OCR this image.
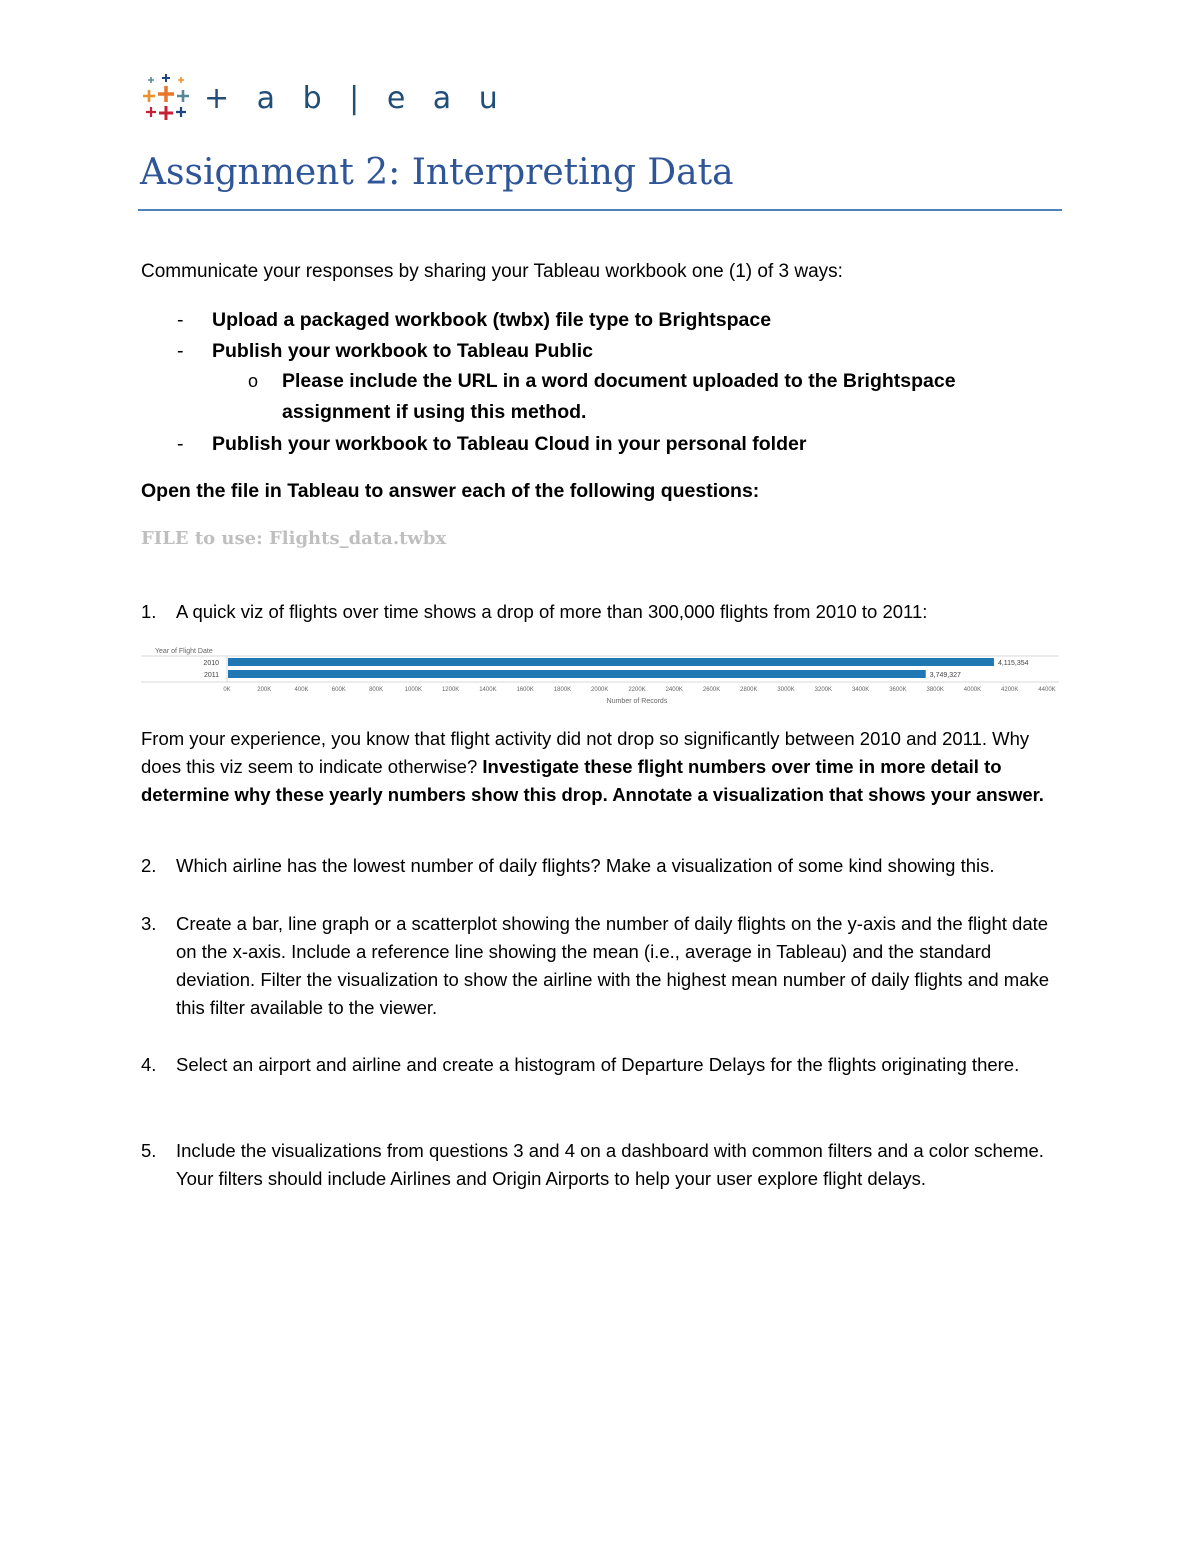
+ a b | e a u
Assignment 2: Interpreting Data
Communicate your responses by sharing your Tableau workbook one (1) of 3 ways:
- Upload a packaged workbook (twbx) file type to Brightspace
- Publish your workbook to Tableau Public
o Please include the URL in a word document uploaded to the Brightspace
assignment if using this method.
- Publish your workbook to Tableau Cloud in your personal folder
Open the file in Tableau to answer each of the following questions:
FILE to use: Flights_data.twbx
1.	A quick viz of flights over time shows a drop of more than 300,000 flights from 2010 to 2011:
Year of Flight Date
2010	4,115,354
2011	3,749,327
0K	200K	400K	600K	800K	1000K	1200K	1400K	1600K	1800K	2000K	2200K	2400K	2600K	2800K	3000K	3200K	3400K	3600K	3800K	4000K	4200K	4400K
Number of Records
From your experience, you know that flight activity did not drop so significantly between 2010 and 2011. Why does this viz seem to indicate otherwise? Investigate these flight numbers over time in more detail to determine why these yearly numbers show this drop. Annotate a visualization that shows your answer.
2.	Which airline has the lowest number of daily flights? Make a visualization of some kind showing this.
3.	Create a bar, line graph or a scatterplot showing the number of daily flights on the y-axis and the flight date on the x-axis. Include a reference line showing the mean (i.e., average in Tableau) and the standard deviation. Filter the visualization to show the airline with the highest mean number of daily flights and make this filter available to the viewer.
4.	Select an airport and airline and create a histogram of Departure Delays for the flights originating there.
5.	Include the visualizations from questions 3 and 4 on a dashboard with common filters and a color scheme. Your filters should include Airlines and Origin Airports to help your user explore flight delays.
